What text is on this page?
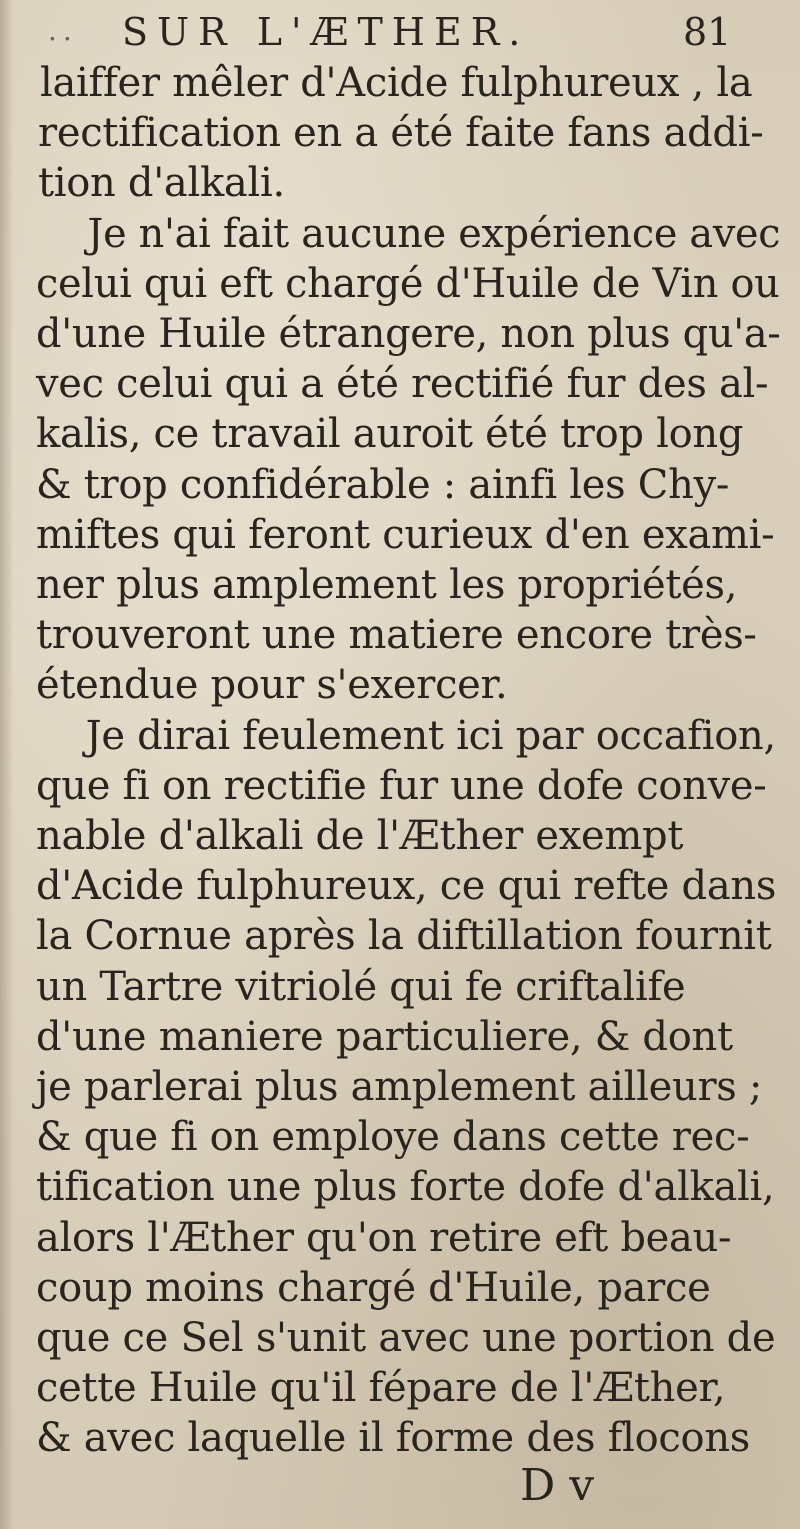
.. SUR L'ÆTHER.	81
laiffer mêler d'Acide fulphureux , la
rectification en a été faite fans addi-
tion d'alkali.
Je n'ai fait aucune expérience avec
celui qui eft chargé d'Huile de Vin ou
d'une Huile étrangere, non plus qu'a-
vec celui qui a été rectifié fur des al-
kalis, ce travail auroit été trop long
& trop confidérable : ainfi les Chy-
miftes qui feront curieux d'en exami-
ner plus amplement les propriétés,
trouveront une matiere encore très-
étendue pour s'exercer.
Je dirai feulement ici par occafion,
que fi on rectifie fur une dofe conve-
nable d'alkali de l'Æther exempt
d'Acide fulphureux, ce qui refte dans
la Cornue après la diftillation fournit
un Tartre vitriolé qui fe criftalife
d'une maniere particuliere, & dont
je parlerai plus amplement ailleurs ;
& que fi on employe dans cette rec-
tification une plus forte dofe d'alkali,
alors l'Æther qu'on retire eft beau-
coup moins chargé d'Huile, parce
que ce Sel s'unit avec une portion de
cette Huile qu'il fépare de l'Æther,
& avec laquelle il forme des flocons
D v
